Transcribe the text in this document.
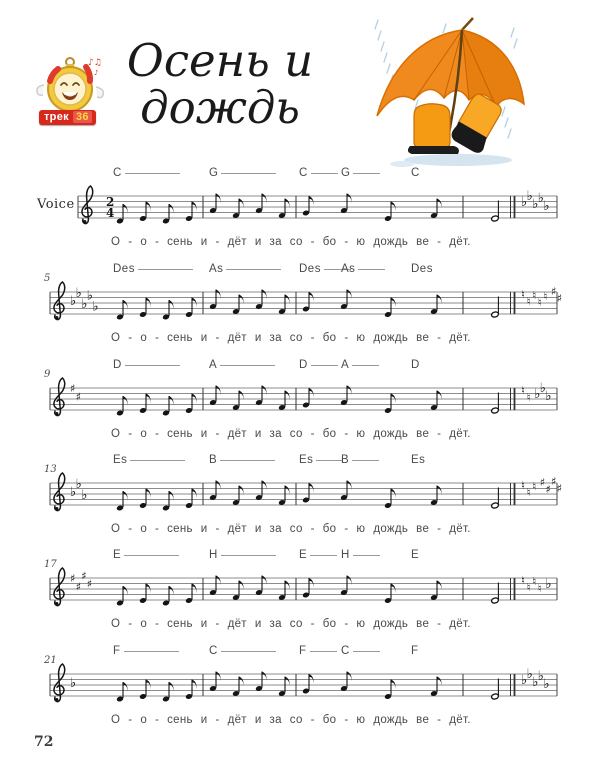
♪♫
♪
трек 36
Осень и
дождь
Voice
C	G	C	G	C
2
4
♭ ♭
♭ ♭
♭
О - о - сень и - дёт и за со - бо - ю дождь ве - дёт.
5
Des	As	Des	As	Des
♭
♭
♭
♭
♭
♮
♮ ♮
♮ ♮ ♯
♯
О - о - сень и - дёт и за со - бо - ю дождь ве - дёт.
9
D	A	D	A	D
♯
♯	♮
♮ ♭ ♭
♭
О - о - сень и - дёт и за со - бо - ю дождь ве - дёт.
13
Es	B	Es	B	Es
♭
♭
♭
♮
♮ ♮ ♯
♯
♯
♯
О - о - сень и - дёт и за со - бо - ю дождь ве - дёт.
17
E	H	E	H	E
♯
♯
♯
♯	♮
♮ ♮
♮ ♭
О - о - сень и - дёт и за со - бо - ю дождь ве - дёт.
21
F	C	F	C	F
♭	♭ ♭
♭ ♭
♭
О - о - сень и - дёт и за со - бо - ю дождь ве - дёт.
72
